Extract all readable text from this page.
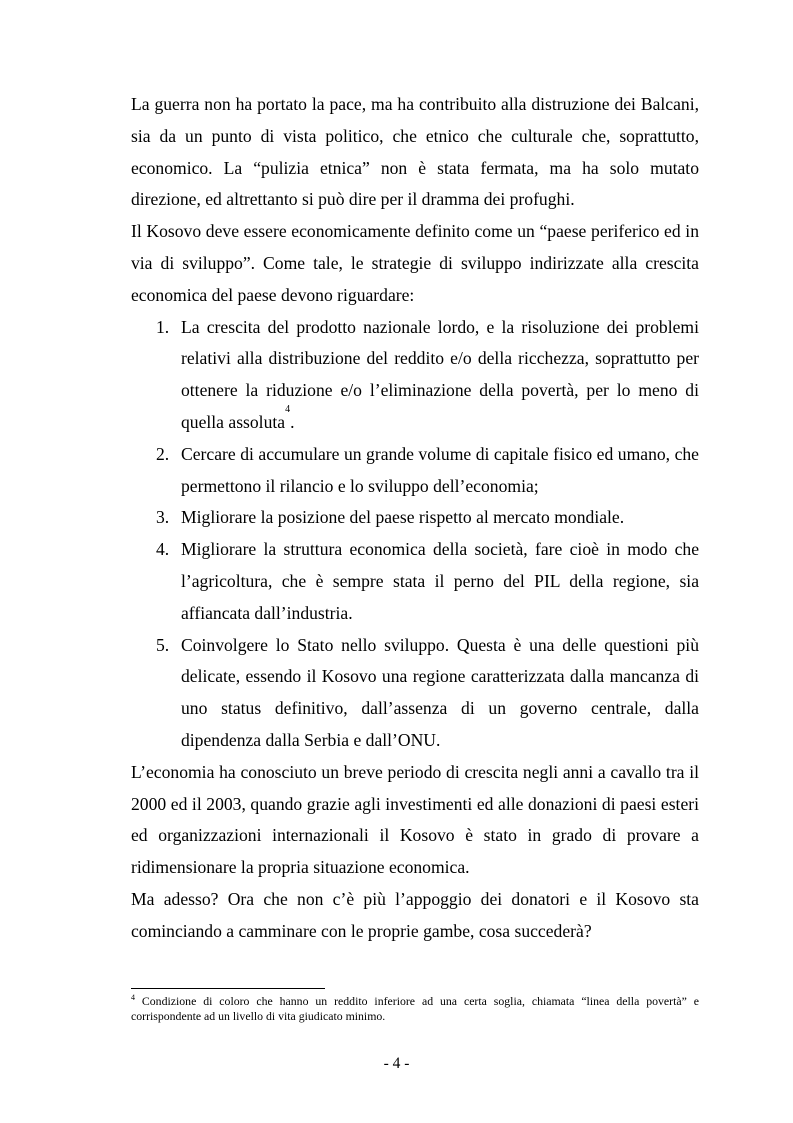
La guerra non ha portato la pace, ma ha contribuito alla distruzione dei Balcani, sia da un punto di vista politico, che etnico che culturale che, soprattutto, economico. La “pulizia etnica” non è stata fermata, ma ha solo mutato direzione, ed altrettanto si può dire per il dramma dei profughi.

Il Kosovo deve essere economicamente definito come un “paese periferico ed in via di sviluppo”. Come tale, le strategie di sviluppo indirizzate alla crescita economica del paese devono riguardare:

1. La crescita del prodotto nazionale lordo, e la risoluzione dei problemi relativi alla distribuzione del reddito e/o della ricchezza, soprattutto per ottenere la riduzione e/o l’eliminazione della povertà, per lo meno di quella assoluta$^4$.
2. Cercare di accumulare un grande volume di capitale fisico ed umano, che permettono il rilancio e lo sviluppo dell’economia;
3. Migliorare la posizione del paese rispetto al mercato mondiale.
4. Migliorare la struttura economica della società, fare cioè in modo che l’agricoltura, che è sempre stata il perno del PIL della regione, sia affiancata dall’industria.
5. Coinvolgere lo Stato nello sviluppo. Questa è una delle questioni più delicate, essendo il Kosovo una regione caratterizzata dalla mancanza di uno status definitivo, dall’assenza di un governo centrale, dalla dipendenza dalla Serbia e dall’ONU.

L’economia ha conosciuto un breve periodo di crescita negli anni a cavallo tra il 2000 ed il 2003, quando grazie agli investimenti ed alle donazioni di paesi esteri ed organizzazioni internazionali il Kosovo è stato in grado di provare a ridimensionare la propria situazione economica.

Ma adesso? Ora che non c’è più l’appoggio dei donatori e il Kosovo sta cominciando a camminare con le proprie gambe, cosa succederà?

$^4$ Condizione di coloro che hanno un reddito inferiore ad una certa soglia, chiamata “linea della povertà” e corrispondente ad un livello di vita giudicato minimo.

- 4 -
